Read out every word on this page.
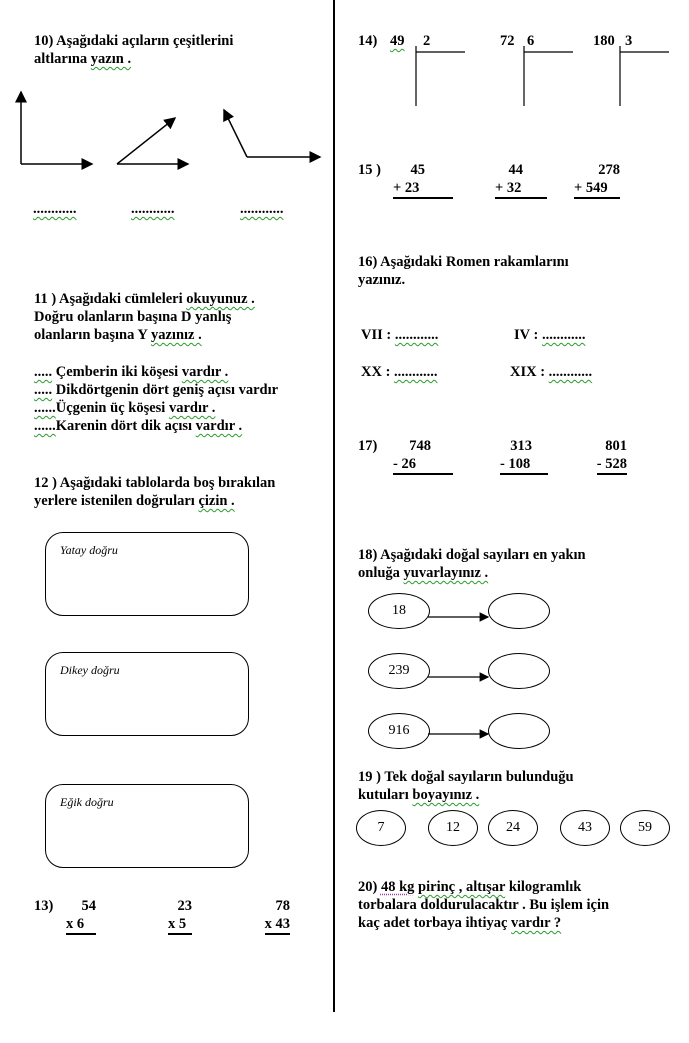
10) Aşağıdaki açıların çeşitlerini
altlarına yazın .
............	............	............
11 ) Aşağıdaki cümleleri okuyunuz .
Doğru olanların başına D yanlış
olanların başına Y yazınız .
..... Çemberin iki köşesi vardır .
..... Dikdörtgenin dört geniş açısı vardır
......Üçgenin üç köşesi vardır .
......Karenin dört dik açısı vardır .
12 ) Aşağıdaki tablolarda boş bırakılan
yerlere istenilen doğruları çizin .
Yatay doğru
Dikey doğru
Eğik doğru
13)	54
x 6
23
x 5
78
x 43
14) 49 2	72 6	180 3
15 )	45
+ 23
44
+ 32
278
+ 549
16) Aşağıdaki Romen rakamlarını
yazınız.
VII : ............	IV : ............
XX : ............	XIX : ............
17)	748
- 26
313
- 108
801
- 528
18) Aşağıdaki doğal sayıları en yakın
onluğa yuvarlayınız .
18
239
916
19 ) Tek doğal sayıların bulunduğu
kutuları boyayınız .
7	12	24	43	59
20) 48 kg pirinç , altışar kilogramlık
torbalara doldurulacaktır . Bu işlem için
kaç adet torbaya ihtiyaç vardır ?
